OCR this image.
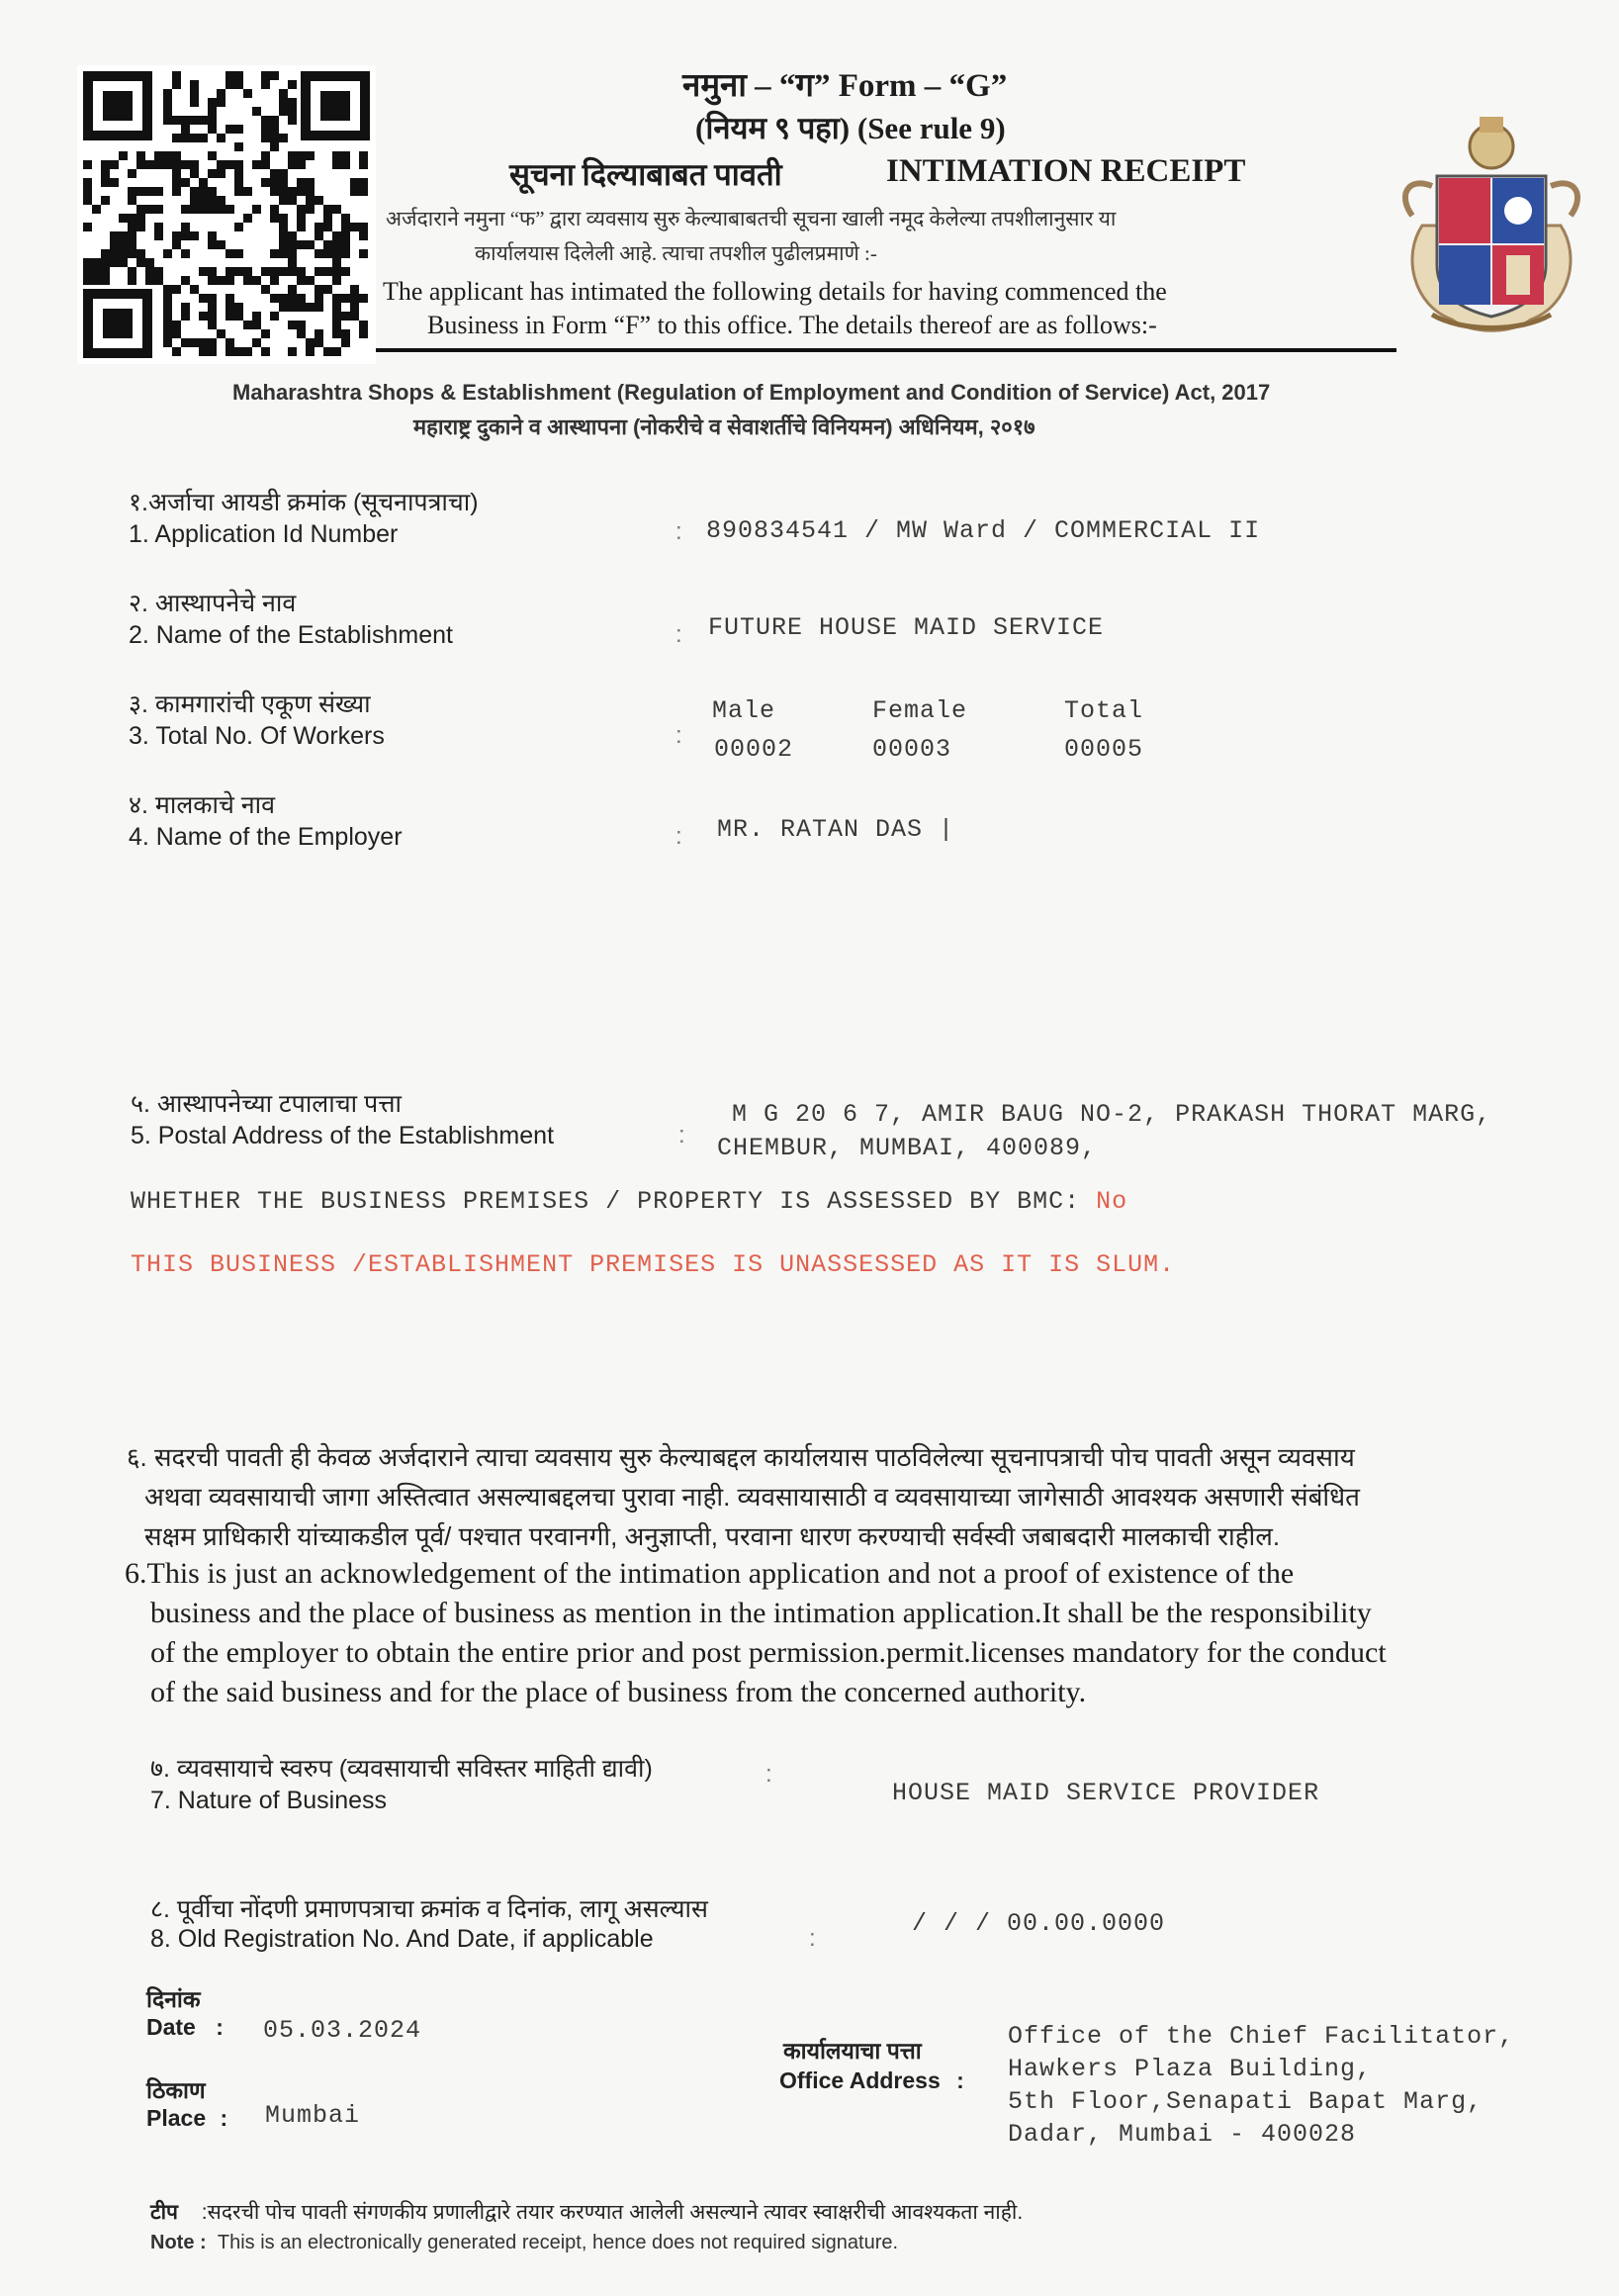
नमुना – “ग” Form – “G”
(नियम ९ पहा) (See rule 9)
सूचना दिल्याबाबत पावती	INTIMATION RECEIPT
अर्जदाराने नमुना “फ” द्वारा व्यवसाय सुरु केल्याबाबतची सूचना खाली नमूद केलेल्या तपशीलानुसार या
कार्यालयास दिलेली आहे. त्याचा तपशील पुढीलप्रमाणे :-
The applicant has intimated the following details for having commenced the
Business in Form “F” to this office. The details thereof are as follows:-
Maharashtra Shops & Establishment (Regulation of Employment and Condition of Service) Act, 2017
महाराष्ट्र दुकाने व आस्थापना (नोकरीचे व सेवाशर्तीचे विनियमन) अधिनियम, २०१७
१.अर्जाचा आयडी क्रमांक (सूचनापत्राचा)
1. Application Id Number	: 890834541 / MW Ward / COMMERCIAL II
२. आस्थापनेचे नाव
2. Name of the Establishment	: FUTURE HOUSE MAID SERVICE
३. कामगारांची एकूण संख्या
3. Total No. Of Workers	:
Male	Female	Total
00002	00003	00005
४. मालकाचे नाव
4. Name of the Employer	: MR. RATAN DAS |
५. आस्थापनेच्या टपालाचा पत्ता
5. Postal Address of the Establishment	:
M G 20 6 7, AMIR BAUG NO-2, PRAKASH THORAT MARG,
CHEMBUR, MUMBAI, 400089,
WHETHER THE BUSINESS PREMISES / PROPERTY IS ASSESSED BY BMC: No
THIS BUSINESS /ESTABLISHMENT PREMISES IS UNASSESSED AS IT IS SLUM.
६. सदरची पावती ही केवळ अर्जदाराने त्याचा व्यवसाय सुरु केल्याबद्दल कार्यालयास पाठविलेल्या सूचनापत्राची पोच पावती असून व्यवसाय
अथवा व्यवसायाची जागा अस्तित्वात असल्याबद्दलचा पुरावा नाही. व्यवसायासाठी व व्यवसायाच्या जागेसाठी आवश्यक असणारी संबंधित
सक्षम प्राधिकारी यांच्याकडील पूर्व/ पश्चात परवानगी, अनुज्ञाप्ती, परवाना धारण करण्याची सर्वस्वी जबाबदारी मालकाची राहील.
6.This is just an acknowledgement of the intimation application and not a proof of existence of the
business and the place of business as mention in the intimation application.It shall be the responsibility
of the employer to obtain the entire prior and post permission.permit.licenses mandatory for the conduct
of the said business and for the place of business from the concerned authority.
७. व्यवसायाचे स्वरुप (व्यवसायाची सविस्तर माहिती द्यावी)
7. Nature of Business
:
HOUSE MAID SERVICE PROVIDER
८. पूर्वीचा नोंदणी प्रमाणपत्राचा क्रमांक व दिनांक, लागू असल्यास
8. Old Registration No. And Date, if applicable	:
/ / / 00.00.0000
दिनांक
Date : 05.03.2024
ठिकाण
Place : Mumbai
कार्यालयाचा पत्ता
Office Address :
Office of the Chief Facilitator,
Hawkers Plaza Building,
5th Floor,Senapati Bapat Marg,
Dadar, Mumbai - 400028
टीप :सदरची पोच पावती संगणकीय प्रणालीद्वारे तयार करण्यात आलेली असल्याने त्यावर स्वाक्षरीची आवश्यकता नाही.
Note : This is an electronically generated receipt, hence does not required signature.
